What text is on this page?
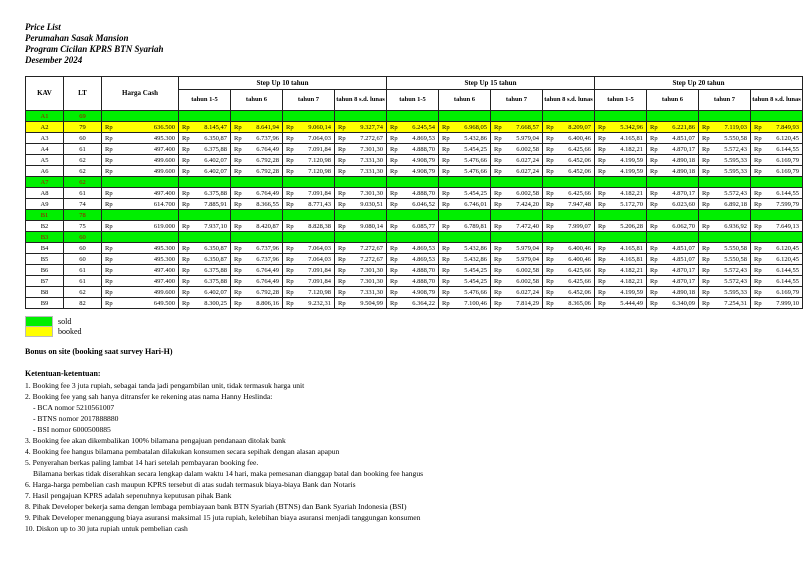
Price List
Perumahan Sasak Mansion
Program Cicilan KPRS BTN Syariah
Desember 2024
KAV	LT	Harga Cash	Step Up 10 tahun				Step Up 15 tahun				Step Up 20 tahun			
			tahun 1-5	tahun 6	tahun 7	tahun 8 s.d. lunas	tahun 1-5	tahun 6	tahun 7	tahun 8 s.d. lunas	tahun 1-5	tahun 6	tahun 7	tahun 8 s.d. lunas
A1	69													
A2	79	Rp 636.500	Rp 8.145,47	Rp 8.641,94	Rp 9.060,14	Rp 9.327,74	Rp 6.245,54	Rp 6.968,05	Rp 7.668,57	Rp 8.209,07	Rp 5.342,96	Rp 6.221,86	Rp 7.119,03	Rp 7.849,93

A3	60	Rp 495.300	Rp 6.350,87	Rp 6.737,96	Rp 7.064,03	Rp 7.272,67	Rp 4.869,53	Rp 5.432,86	Rp 5.979,04	Rp 6.400,46	Rp 4.165,81	Rp 4.851,07	Rp 5.550,58	Rp 6.120,45

A4	61	Rp 497.400	Rp 6.375,88	Rp 6.764,49	Rp 7.091,84	Rp 7.301,30	Rp 4.888,70	Rp 5.454,25	Rp 6.002,58	Rp 6.425,66	Rp 4.182,21	Rp 4.870,17	Rp 5.572,43	Rp 6.144,55

A5	62	Rp 499.600	Rp 6.402,07	Rp 6.792,28	Rp 7.120,98	Rp 7.331,30	Rp 4.908,79	Rp 5.476,66	Rp 6.027,24	Rp 6.452,06	Rp 4.199,59	Rp 4.890,18	Rp 5.595,33	Rp 6.169,79

A6	62	Rp 499.600	Rp 6.402,07	Rp 6.792,28	Rp 7.120,98	Rp 7.331,30	Rp 4.908,79	Rp 5.476,66	Rp 6.027,24	Rp 6.452,06	Rp 4.199,59	Rp 4.890,18	Rp 5.595,33	Rp 6.169,79

A7	62													
A8	61	Rp 497.400	Rp 6.375,88	Rp 6.764,49	Rp 7.091,84	Rp 7.301,30	Rp 4.888,70	Rp 5.454,25	Rp 6.002,58	Rp 6.425,66	Rp 4.182,21	Rp 4.870,17	Rp 5.572,43	Rp 6.144,55

A9	74	Rp 614.700	Rp 7.885,91	Rp 8.366,55	Rp 8.771,43	Rp 9.030,51	Rp 6.046,52	Rp 6.746,01	Rp 7.424,20	Rp 7.947,48	Rp 5.172,70	Rp 6.023,60	Rp 6.892,18	Rp 7.599,79

B1	78													
B2	75	Rp 619.000	Rp 7.937,10	Rp 8.420,87	Rp 8.828,38	Rp 9.080,14	Rp 6.085,77	Rp 6.789,81	Rp 7.472,40	Rp 7.999,07	Rp 5.206,28	Rp 6.062,70	Rp 6.936,92	Rp 7.649,13

B3	60													
B4	60	Rp 495.300	Rp 6.350,87	Rp 6.737,96	Rp 7.064,03	Rp 7.272,67	Rp 4.869,53	Rp 5.432,86	Rp 5.979,04	Rp 6.400,46	Rp 4.165,81	Rp 4.851,07	Rp 5.550,58	Rp 6.120,45

B5	60	Rp 495.300	Rp 6.350,87	Rp 6.737,96	Rp 7.064,03	Rp 7.272,67	Rp 4.869,53	Rp 5.432,86	Rp 5.979,04	Rp 6.400,46	Rp 4.165,81	Rp 4.851,07	Rp 5.550,58	Rp 6.120,45

B6	61	Rp 497.400	Rp 6.375,88	Rp 6.764,49	Rp 7.091,84	Rp 7.301,30	Rp 4.888,70	Rp 5.454,25	Rp 6.002,58	Rp 6.425,66	Rp 4.182,21	Rp 4.870,17	Rp 5.572,43	Rp 6.144,55

B7	61	Rp 497.400	Rp 6.375,88	Rp 6.764,49	Rp 7.091,84	Rp 7.301,30	Rp 4.888,70	Rp 5.454,25	Rp 6.002,58	Rp 6.425,66	Rp 4.182,21	Rp 4.870,17	Rp 5.572,43	Rp 6.144,55

B8	62	Rp 499.600	Rp 6.402,07	Rp 6.792,28	Rp 7.120,98	Rp 7.331,30	Rp 4.908,79	Rp 5.476,66	Rp 6.027,24	Rp 6.452,06	Rp 4.199,59	Rp 4.890,18	Rp 5.595,33	Rp 6.169,79

B9	82	Rp 649.500	Rp 8.300,25	Rp 8.806,16	Rp 9.232,31	Rp 9.504,99	Rp 6.364,22	Rp 7.100,46	Rp 7.814,29	Rp 8.365,06	Rp 5.444,49	Rp 6.340,09	Rp 7.254,31	Rp 7.999,10
sold
booked
Bonus on site (booking saat survey Hari-H)
Ketentuan-ketentuan:
1. Booking fee 3 juta rupiah, sebagai tanda jadi pengambilan unit, tidak termasuk harga unit
2. Booking fee yang sah hanya ditransfer ke rekening atas nama Hanny Heslinda:
- BCA nomor 5210561007
- BTNS nomor 2017888880
- BSI nomor 6000500885
3. Booking fee akan dikembalikan 100% bilamana pengajuan pendanaan ditolak bank
4. Booking fee hangus bilamana pembatalan dilakukan konsumen secara sepihak dengan alasan apapun
5. Penyerahan berkas paling lambat 14 hari setelah pembayaran booking fee.
Bilamana berkas tidak diserahkan secara lengkap dalam waktu 14 hari, maka pemesanan dianggap batal dan booking fee hangus
6. Harga-harga pembelian cash maupun KPRS tersebut di atas sudah termasuk biaya-biaya Bank dan Notaris
7. Hasil pengajuan KPRS adalah sepenuhnya keputusan pihak Bank
8. Pihak Developer bekerja sama dengan lembaga pembiayaan bank BTN Syariah (BTNS) dan Bank Syariah Indonesia (BSI)
9. Pihak Developer menanggung biaya asuransi maksimal 15 juta rupiah, kelebihan biaya asuransi menjadi tanggungan konsumen
10. Diskon up to 30 juta rupiah untuk pembelian cash
